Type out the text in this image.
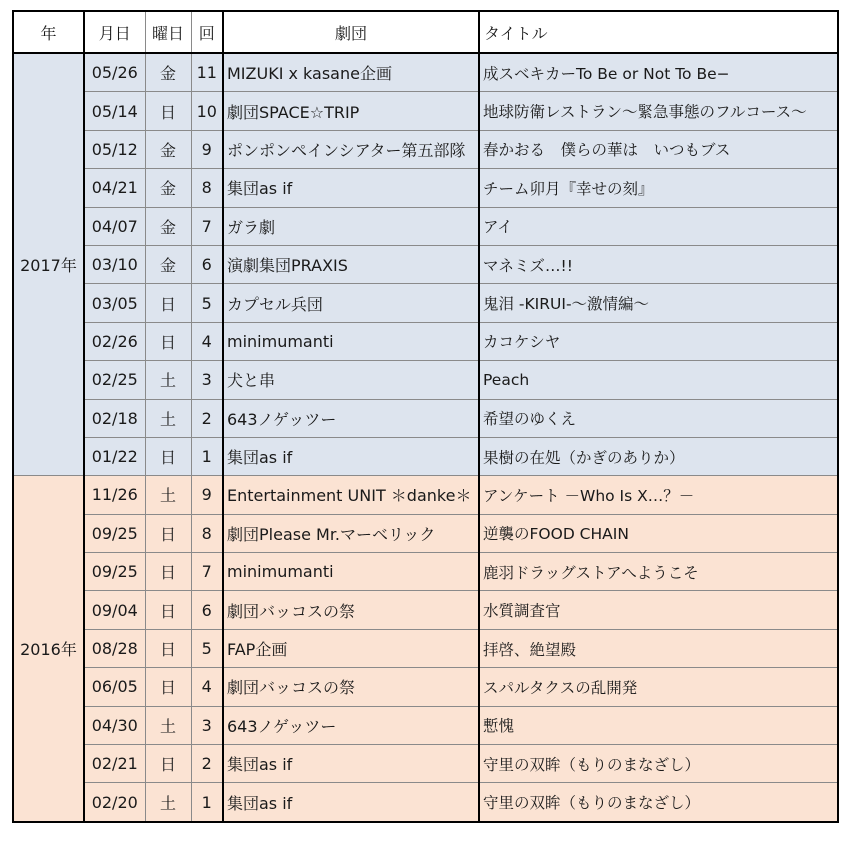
年	月日	曜日	回	劇団	タイトル
2017年	05/26	金	11	MIZUKI x kasane企画	成スベキカーTo Be or Not To Be−
	05/14	日	10	劇団SPACE☆TRIP	地球防衛レストラン〜緊急事態のフルコース〜
	05/12	金	9	ポンポンペインシアター第五部隊	春かおる　僕らの華は　いつもブス
	04/21	金	8	集団as if	チーム卯月『幸せの刻』
	04/07	金	7	ガラ劇	アイ
	03/10	金	6	演劇集団PRAXIS	マネミズ…!!
	03/05	日	5	カプセル兵団	鬼泪 -KIRUI-〜激情編〜
	02/26	日	4	minimumanti	カコケシヤ
	02/25	土	3	犬と串	Peach
	02/18	土	2	643ノゲッツー	希望のゆくえ
	01/22	日	1	集団as if	果樹の在処（かぎのありか）
2016年	11/26	土	9	Entertainment UNIT ＊danke＊	アンケート －Who Is X…？－
	09/25	日	8	劇団Please Mr.マーベリック	逆襲のFOOD CHAIN
	09/25	日	7	minimumanti	鹿羽ドラッグストアへようこそ
	09/04	日	6	劇団バッコスの祭	水質調査官
	08/28	日	5	FAP企画	拝啓、絶望殿
	06/05	日	4	劇団バッコスの祭	スパルタクスの乱開発
	04/30	土	3	643ノゲッツー	慙愧
	02/21	日	2	集団as if	守里の双眸（もりのまなざし）
	02/20	土	1	集団as if	守里の双眸（もりのまなざし）
